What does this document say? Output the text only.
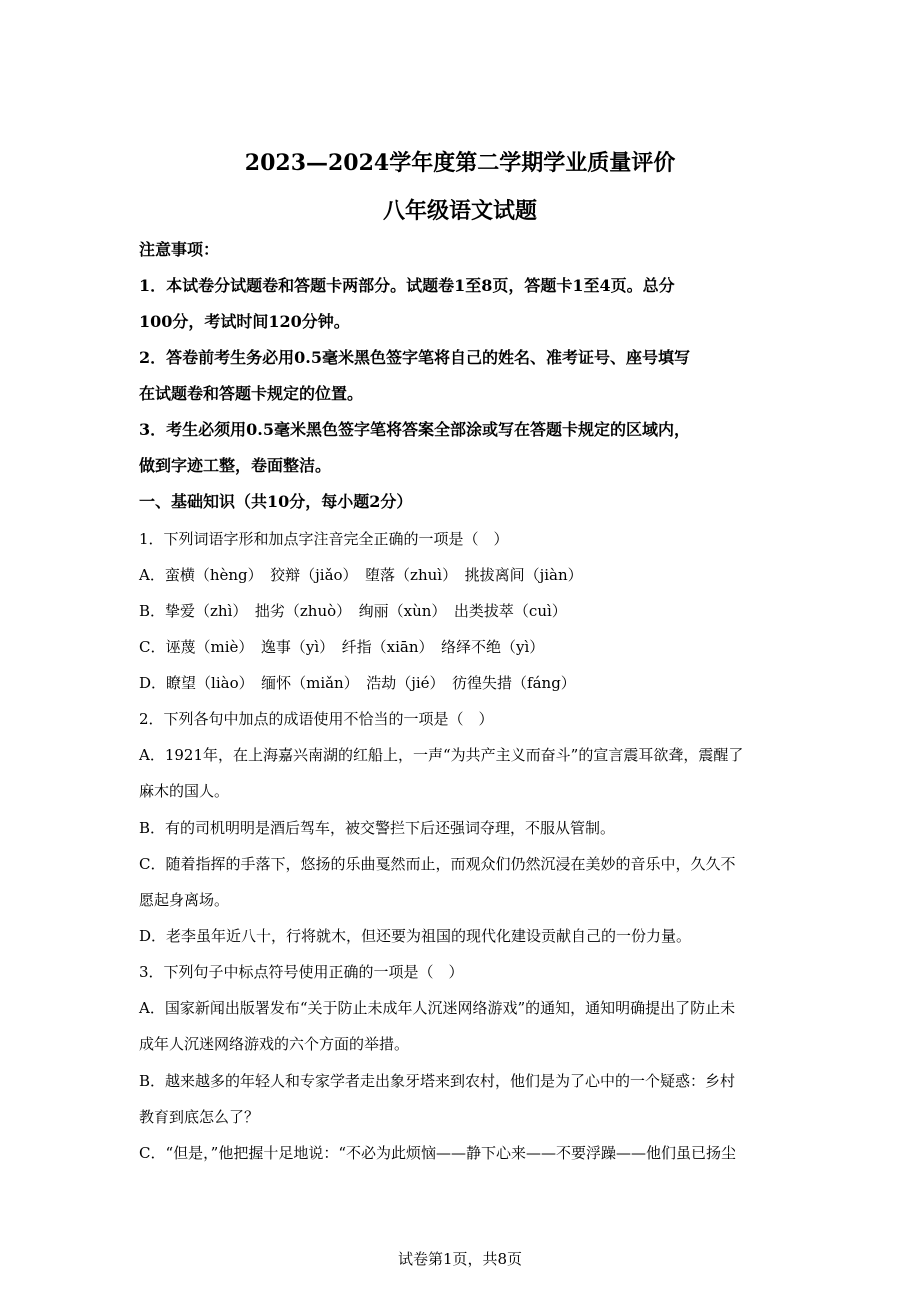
2023—2024学年度第二学期学业质量评价
八年级语文试题
注意事项：
1．本试卷分试题卷和答题卡两部分。试题卷1至8页，答题卡1至4页。总分
100分，考试时间120分钟。
2．答卷前考生务必用0.5毫米黑色签字笔将自己的姓名、准考证号、座号填写
在试题卷和答题卡规定的位置。
3．考生必须用0.5毫米黑色签字笔将答案全部涂或写在答题卡规定的区域内，
做到字迹工整，卷面整洁。
一、基础知识（共10分，每小题2分）
1．下列词语字形和加点字注音完全正确的一项是（　）
A．蛮横（hèng）　狡辩（jiǎo）　堕落（zhuì）　挑拔离间（jiàn）
B．挚爱（zhì）　拙劣（zhuò）　绚丽（xùn）　出类拔萃（cuì）
C．诬蔑（miè）　逸事（yì）　纤指（xiān）　络绎不绝（yì）
D．瞭望（liào）　缅怀（miǎn）　浩劫（jié）　彷徨失措（fáng）
2．下列各句中加点的成语使用不恰当的一项是（　）
A．1921年，在上海嘉兴南湖的红船上，一声“为共产主义而奋斗”的宣言震耳欲聋，震醒了
麻木的国人。
B．有的司机明明是酒后驾车，被交警拦下后还强词夺理，不服从管制。
C．随着指挥的手落下，悠扬的乐曲戛然而止，而观众们仍然沉浸在美妙的音乐中，久久不
愿起身离场。
D．老李虽年近八十，行将就木，但还要为祖国的现代化建设贡献自己的一份力量。
3．下列句子中标点符号使用正确的一项是（　）
A．国家新闻出版署发布“关于防止未成年人沉迷网络游戏”的通知，通知明确提出了防止未
成年人沉迷网络游戏的六个方面的举措。
B．越来越多的年轻人和专家学者走出象牙塔来到农村，他们是为了心中的一个疑惑：乡村
教育到底怎么了？
C．“但是，”他把握十足地说：“不必为此烦恼——静下心来——不要浮躁——他们虽已扬尘
试卷第1页，共8页
